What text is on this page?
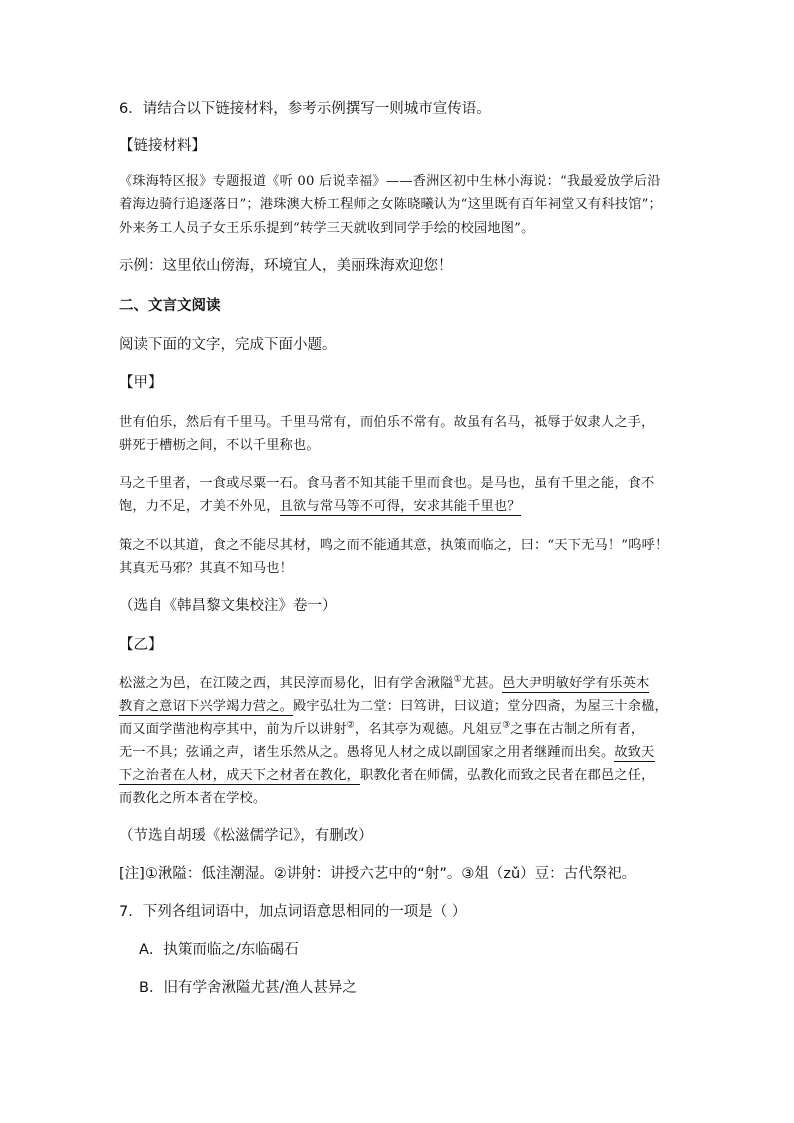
6．请结合以下链接材料，参考示例撰写一则城市宣传语。
【链接材料】
《珠海特区报》专题报道《听 00 后说幸福》——香洲区初中生林小海说：“我最爱放学后沿
着海边骑行追逐落日”；港珠澳大桥工程师之女陈晓曦认为“这里既有百年祠堂又有科技馆”；
外来务工人员子女王乐乐提到“转学三天就收到同学手绘的校园地图”。
示例：这里依山傍海，环境宜人，美丽珠海欢迎您！
二、文言文阅读
阅读下面的文字，完成下面小题。
【甲】
世有伯乐，然后有千里马。千里马常有，而伯乐不常有。故虽有名马，祗辱于奴隶人之手，
骈死于槽枥之间，不以千里称也。
马之千里者，一食或尽粟一石。食马者不知其能千里而食也。是马也，虽有千里之能，食不
饱，力不足，才美不外见，且欲与常马等不可得，安求其能千里也？
策之不以其道，食之不能尽其材，鸣之而不能通其意，执策而临之，曰：“天下无马！”呜呼！
其真无马邪？其真不知马也！
（选自《韩昌黎文集校注》卷一）
【乙】
松滋之为邑，在江陵之西，其民淳而易化，旧有学舍湫隘①尤甚。邑大尹明敏好学有乐英木
教育之意诏下兴学竭力营之。殿宇弘壮为二堂：曰笃讲，曰议道；堂分四斋，为屋三十余楹，
而又面学凿池构亭其中，前为斤以讲射②，名其亭为观德。凡俎豆③之事在古制之所有者，
无一不具；弦诵之声，诸生乐然从之。愚将见人材之成以副国家之用者继踵而出矣。故致天
下之治者在人材，成天下之材者在教化，职教化者在师儒，弘教化而致之民者在郡邑之任，
而教化之所本者在学校。
（节选自胡瑗《松滋儒学记》，有删改）
[注]①湫隘：低洼潮湿。②讲射：讲授六艺中的“射”。③俎（zǔ）豆：古代祭祀。
7．下列各组词语中，加点词语意思相同的一项是（ ）
A．执策而临之/东临碣石
B．旧有学舍湫隘尤甚/渔人甚异之
